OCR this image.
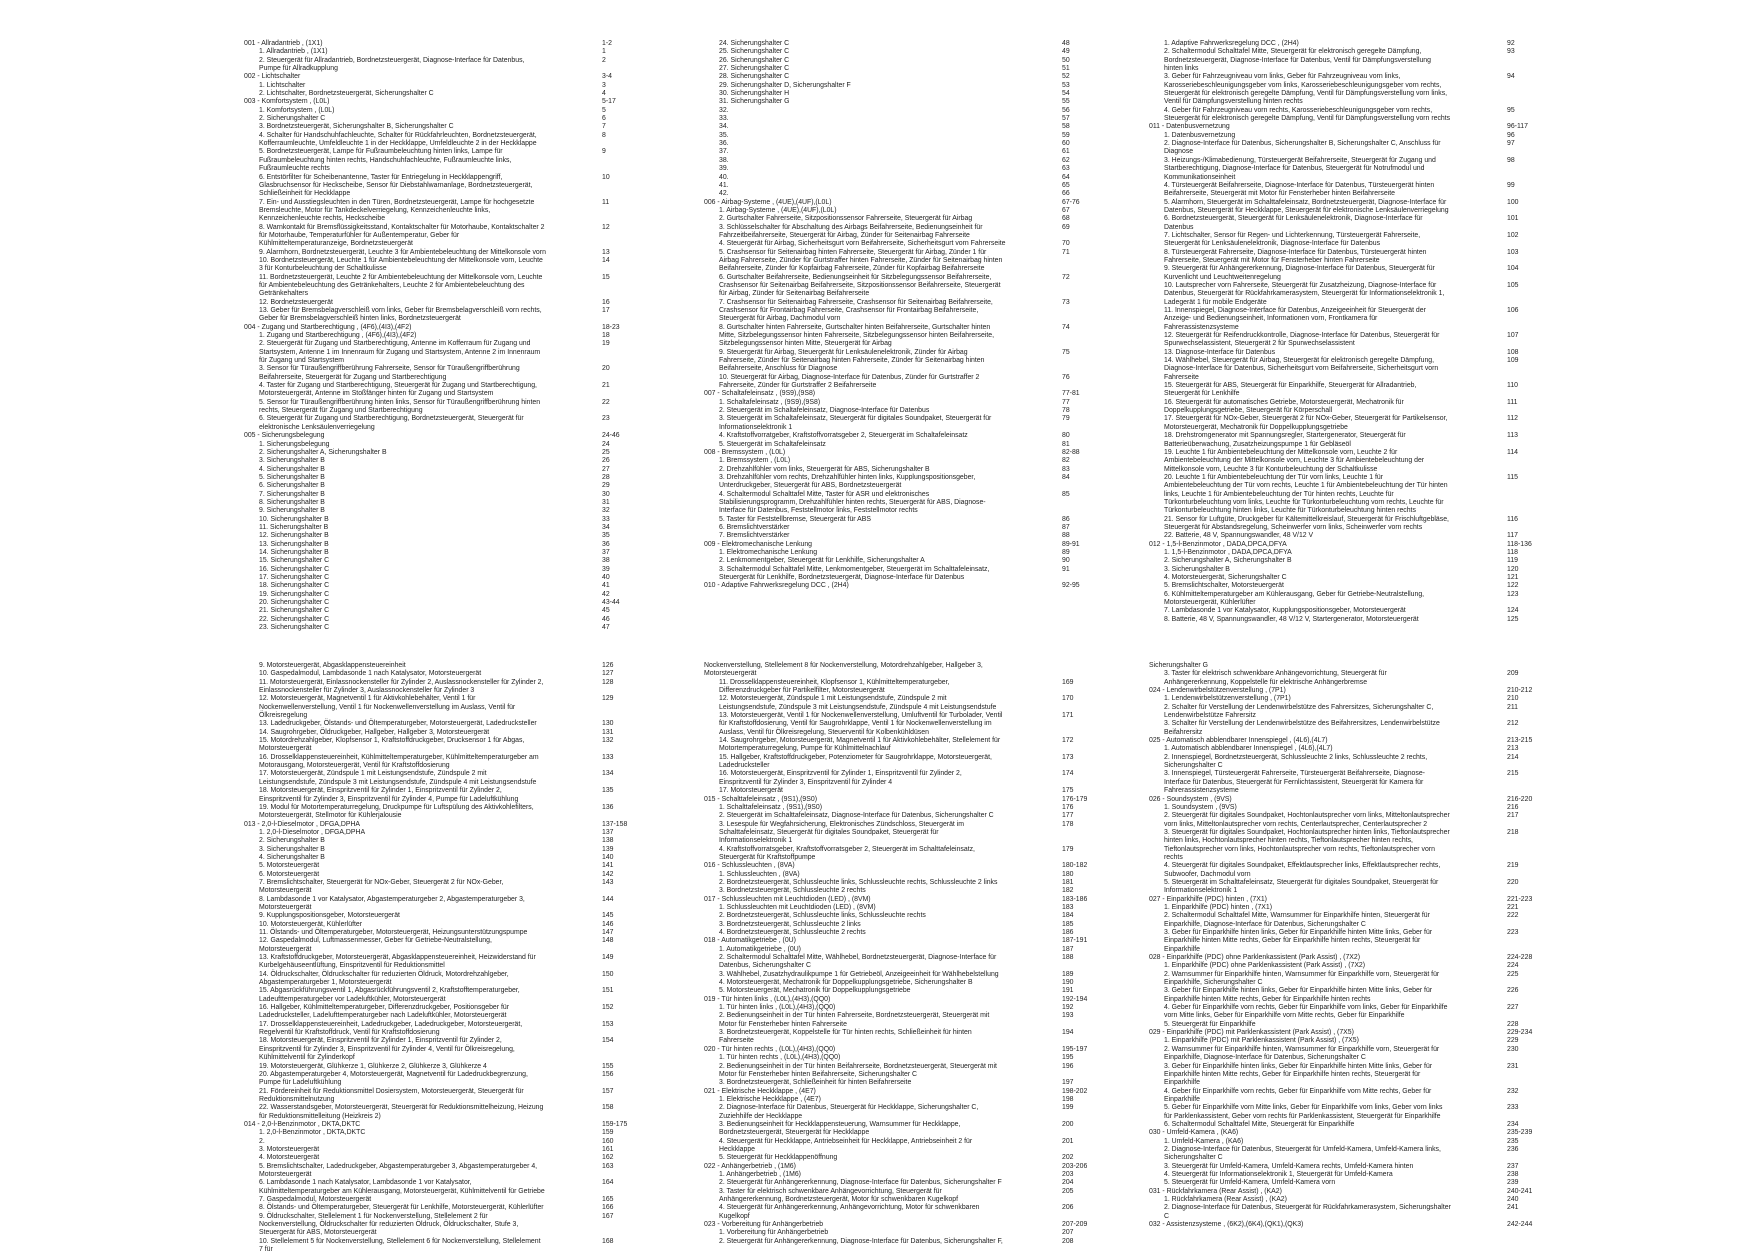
001 - Allradantrieb , (1X1)	1-2
1. Allradantrieb , (1X1)	1
2. Steuergerät für Allradantrieb, Bordnetzsteuergerät, Diagnose-Interface für Datenbus, Pumpe für Allradkupplung
2
002 - Lichtschalter	3-4
1. Lichtschalter	3
2. Lichtschalter, Bordnetzsteuergerät, Sicherungshalter C	4
003 - Komfortsystem , (L0L)	5-17
1. Komfortsystem , (L0L)	5
2. Sicherungshalter C	6
3. Bordnetzsteuergerät, Sicherungshalter B, Sicherungshalter C	7
4. Schalter für Handschuhfachleuchte, Schalter für Rückfahrleuchten, Bordnetzsteuergerät, Kofferraumleuchte, Umfeldleuchte 1 in der Heckklappe, Umfeldleuchte 2 in der Heckklappe
8
5. Bordnetzsteuergerät, Lampe für Fußraumbeleuchtung hinten links, Lampe für Fußraumbeleuchtung hinten rechts, Handschuhfachleuchte, Fußraumleuchte links, Fußraumleuchte rechts
9
6. Entstörfilter für Scheibenantenne, Taster für Entriegelung in Heckklappengriff, Glasbruchsensor für Heckscheibe, Sensor für Diebstahlwarnanlage, Bordnetzsteuergerät, Schließeinheit für Heckklappe
10
7. Ein- und Ausstiegsleuchten in den Türen, Bordnetzsteuergerät, Lampe für hochgesetzte Bremsleuchte, Motor für Tankdeckelverriegelung, Kennzeichenleuchte links, Kennzeichenleuchte rechts, Heckscheibe
11
8. Warnkontakt für Bremsflüssigkeitsstand, Kontaktschalter für Motorhaube, Kontaktschalter 2 für Motorhaube, Temperaturfühler für Außentemperatur, Geber für Kühlmitteltemperaturanzeige, Bordnetzsteuergerät
12
9. Alarmhorn, Bordnetzsteuergerät, Leuchte 3 für Ambientebeleuchtung der Mittelkonsole vorn	13
10. Bordnetzsteuergerät, Leuchte 1 für Ambientebeleuchtung der Mittelkonsole vorn, Leuchte 3 für Konturbeleuchtung der Schaltkulisse
14
11. Bordnetzsteuergerät, Leuchte 2 für Ambientebeleuchtung der Mittelkonsole vorn, Leuchte für Ambientebeleuchtung des Getränkehalters, Leuchte 2 für Ambientebeleuchtung des Getränkehalters
15
12. Bordnetzsteuergerät	16
13. Geber für Bremsbelagverschleiß vorn links, Geber für Bremsbelagverschleiß vorn rechts, Geber für Bremsbelagverschleiß hinten links, Bordnetzsteuergerät
17
004 - Zugang und Startberechtigung , (4F6),(4I3),(4F2)	18-23
1. Zugang und Startberechtigung , (4F6),(4I3),(4F2)	18
2. Steuergerät für Zugang und Startberechtigung, Antenne im Kofferraum für Zugang und Startsystem, Antenne 1 im Innenraum für Zugang und Startsystem, Antenne 2 im Innenraum für Zugang und Startsystem
19
3. Sensor für Türaußengriffberührung Fahrerseite, Sensor für Türaußengriffberührung Beifahrerseite, Steuergerät für Zugang und Startberechtigung
20
4. Taster für Zugang und Startberechtigung, Steuergerät für Zugang und Startberechtigung, Motorsteuergerät, Antenne im Stoßfänger hinten für Zugang und Startsystem
21
5. Sensor für Türaußengriffberührung hinten links, Sensor für Türaußengriffberührung hinten rechts, Steuergerät für Zugang und Startberechtigung
22
6. Steuergerät für Zugang und Startberechtigung, Bordnetzsteuergerät, Steuergerät für elektronische Lenksäulenverriegelung
23
005 - Sicherungsbelegung	24-46
1. Sicherungsbelegung	24
2. Sicherungshalter A, Sicherungshalter B	25
3. Sicherungshalter B	26
4. Sicherungshalter B	27
5. Sicherungshalter B	28
6. Sicherungshalter B	29
7. Sicherungshalter B	30
8. Sicherungshalter B	31
9. Sicherungshalter B	32
10. Sicherungshalter B	33
11. Sicherungshalter B	34
12. Sicherungshalter B	35
13. Sicherungshalter B	36
14. Sicherungshalter B	37
15. Sicherungshalter C	38
16. Sicherungshalter C	39
17. Sicherungshalter C	40
18. Sicherungshalter C	41
19. Sicherungshalter C	42
20. Sicherungshalter C	43-44
21. Sicherungshalter C	45
22. Sicherungshalter C	46
23. Sicherungshalter C	47
24. Sicherungshalter C	48
25. Sicherungshalter C	49
26. Sicherungshalter C	50
27. Sicherungshalter C	51
28. Sicherungshalter C	52
29. Sicherungshalter D, Sicherungshalter F	53
30. Sicherungshalter H	54
31. Sicherungshalter G	55
32.	56
33.	57
34.	58
35.	59
36.	60
37.	61
38.	62
39.	63
40.	64
41.	65
42.	66
006 - Airbag-Systeme , (4UE),(4UF),(L0L)	67-76
1. Airbag-Systeme , (4UE),(4UF),(L0L)	67
2. Gurtschalter Fahrerseite, Sitzpositionssensor Fahrerseite, Steuergerät für Airbag	68
3. Schlüsselschalter für Abschaltung des Airbags Beifahrerseite, Bedienungseinheit für Fahrzeitbeifahrerseite, Steuergerät für Airbag, Zünder für Seitenairbag Fahrerseite
69
4. Steuergerät für Airbag, Sicherheitsgurt vorn Beifahrerseite, Sicherheitsgurt vorn Fahrerseite	70
5. Crashsensor für Seitenairbag hinten Fahrerseite, Steuergerät für Airbag, Zünder 1 für Airbag Fahrerseite, Zünder für Gurtstraffer hinten Fahrerseite, Zünder für Seitenairbag hinten Beifahrerseite, Zünder für Kopfairbag Fahrerseite, Zünder für Kopfairbag Beifahrerseite
71
6. Gurtschalter Beifahrerseite, Bedienungseinheit für Sitzbelegungssensor Beifahrerseite, Crashsensor für Seitenairbag Beifahrerseite, Sitzpositionssensor Beifahrerseite, Steuergerät für Airbag, Zünder für Seitenairbag Beifahrerseite
72
7. Crashsensor für Seitenairbag Fahrerseite, Crashsensor für Seitenairbag Beifahrerseite, Crashsensor für Frontairbag Fahrerseite, Crashsensor für Frontairbag Beifahrerseite, Steuergerät für Airbag, Dachmodul vorn
73
8. Gurtschalter hinten Fahrerseite, Gurtschalter hinten Beifahrerseite, Gurtschalter hinten Mitte, Sitzbelegungssensor hinten Fahrerseite, Sitzbelegungssensor hinten Beifahrerseite, Sitzbelegungssensor hinten Mitte, Steuergerät für Airbag
74
9. Steuergerät für Airbag, Steuergerät für Lenksäulenelektronik, Zünder für Airbag Fahrerseite, Zünder für Seitenairbag hinten Fahrerseite, Zünder für Seitenairbag hinten Beifahrerseite, Anschluss für Diagnose
75
10. Steuergerät für Airbag, Diagnose-Interface für Datenbus, Zünder für Gurtstraffer 2 Fahrerseite, Zünder für Gurtstraffer 2 Beifahrerseite
76
007 - Schaltafeleinsatz , (9S9),(9S8)	77-81
1. Schaltafeleinsatz , (9S9),(9S8)	77
2. Steuergerät im Schaltafeleinsatz, Diagnose-Interface für Datenbus	78
3. Steuergerät im Schaltafeleinsatz, Steuergerät für digitales Soundpaket, Steuergerät für Informationselektronik 1
79
4. Kraftstoffvorratgeber, Kraftstoffvorratsgeber 2, Steuergerät im Schaltafeleinsatz	80
5. Steuergerät im Schaltafeleinsatz	81
008 - Bremssystem , (L0L)	82-88
1. Bremssystem , (L0L)	82
2. Drehzahlfühler vorn links, Steuergerät für ABS, Sicherungshalter B	83
3. Drehzahlfühler vorn rechts, Drehzahlfühler hinten links, Kupplungspositionsgeber, Unterdruckgeber, Steuergerät für ABS, Bordnetzsteuergerät
84
4. Schaltermodul Schalttafel Mitte, Taster für ASR und elektronisches Stabilisierungsprogramm, Drehzahlfühler hinten rechts, Steuergerät für ABS, Diagnose-Interface für Datenbus, Feststellmotor links, Feststellmotor rechts
85
5. Taster für Feststellbremse, Steuergerät für ABS	86
6. Bremslichtverstärker	87
7. Bremslichtverstärker	88
009 - Elektromechanische Lenkung	89-91
1. Elektromechanische Lenkung	89
2. Lenkmomentgeber, Steuergerät für Lenkhilfe, Sicherungshalter A	90
3. Schaltermodul Schalttafel Mitte, Lenkmomentgeber, Steuergerät im Schalttafeleinsatz, Steuergerät für Lenkhilfe, Bordnetzsteuergerät, Diagnose-Interface für Datenbus
91
010 - Adaptive Fahrwerksregelung DCC , (2H4)	92-95
1. Adaptive Fahrwerksregelung DCC , (2H4)	92
2. Schaltermodul Schalttafel Mitte, Steuergerät für elektronisch geregelte Dämpfung, Bordnetzsteuergerät, Diagnose-Interface für Datenbus, Ventil für Dämpfungsverstellung hinten links
93
3. Geber für Fahrzeugniveau vorn links, Geber für Fahrzeugniveau vorn links, Karosseriebeschleunigungsgeber vorn links, Karosseriebeschleunigungsgeber vorn rechts, Steuergerät für elektronisch geregelte Dämpfung, Ventil für Dämpfungsverstellung vorn links, Ventil für Dämpfungsverstellung hinten rechts
94
4. Geber für Fahrzeugniveau vorn rechts, Karosseriebeschleunigungsgeber vorn rechts, Steuergerät für elektronisch geregelte Dämpfung, Ventil für Dämpfungsverstellung vorn rechts
95
011 - Datenbusvernetzung	96-117
1. Datenbusvernetzung	96
2. Diagnose-Interface für Datenbus, Sicherungshalter B, Sicherungshalter C, Anschluss für Diagnose
97
3. Heizungs-/Klimabedienung, Türsteuergerät Beifahrerseite, Steuergerät für Zugang und Startberechtigung, Diagnose-Interface für Datenbus, Steuergerät für Notrufmodul und Kommunikationseinheit
98
4. Türsteuergerät Beifahrerseite, Diagnose-Interface für Datenbus, Türsteuergerät hinten Beifahrerseite, Steuergerät mit Motor für Fensterheber hinten Beifahrerseite
99
5. Alarmhorn, Steuergerät im Schalttafeleinsatz, Bordnetzsteuergerät, Diagnose-Interface für Datenbus, Steuergerät für Heckklappe, Steuergerät für elektronische Lenksäulenverriegelung
100
6. Bordnetzsteuergerät, Steuergerät für Lenksäulenelektronik, Diagnose-Interface für Datenbus
101
7. Lichtschalter, Sensor für Regen- und Lichterkennung, Türsteuergerät Fahrerseite, Steuergerät für Lenksäulenelektronik, Diagnose-Interface für Datenbus
102
8. Türsteuergerät Fahrerseite, Diagnose-Interface für Datenbus, Türsteuergerät hinten Fahrerseite, Steuergerät mit Motor für Fensterheber hinten Fahrerseite
103
9. Steuergerät für Anhängererkennung, Diagnose-Interface für Datenbus, Steuergerät für Kurvenlicht und Leuchtweitenregelung
104
10. Lautsprecher vorn Fahrerseite, Steuergerät für Zusatzheizung, Diagnose-Interface für Datenbus, Steuergerät für Rückfahrkamerasystem, Steuergerät für Informationselektronik 1, Ladegerät 1 für mobile Endgeräte
105
11. Innenspiegel, Diagnose-Interface für Datenbus, Anzeigeeinheit für Steuergerät der Anzeige- und Bedienungseinheit, Informationen vorn, Frontkamera für Fahrerassistenzsysteme
106
12. Steuergerät für Reifendruckkontrolle, Diagnose-Interface für Datenbus, Steuergerät für Spurwechselassistent, Steuergerät 2 für Spurwechselassistent
107
13. Diagnose-Interface für Datenbus	108
14. Wählhebel, Steuergerät für Airbag, Steuergerät für elektronisch geregelte Dämpfung, Diagnose-Interface für Datenbus, Sicherheitsgurt vorn Beifahrerseite, Sicherheitsgurt vorn Fahrerseite
109
15. Steuergerät für ABS, Steuergerät für Einparkhilfe, Steuergerät für Allradantrieb, Steuergerät für Lenkhilfe
110
16. Steuergerät für automatisches Getriebe, Motorsteuergerät, Mechatronik für Doppelkupplungsgetriebe, Steuergerät für Körperschall
111
17. Steuergerät für NOx-Geber, Steuergerät 2 für NOx-Geber, Steuergerät für Partikelsensor, Motorsteuergerät, Mechatronik für Doppelkupplungsgetriebe
112
18. Drehstromgenerator mit Spannungsregler, Startergenerator, Steuergerät für Batterieüberwachung, Zusatzheizungspumpe 1 für Gebläseöl
113
19. Leuchte 1 für Ambientebeleuchtung der Mittelkonsole vorn, Leuchte 2 für Ambientebeleuchtung der Mittelkonsole vorn, Leuchte 3 für Ambientebeleuchtung der Mittelkonsole vorn, Leuchte 3 für Konturbeleuchtung der Schaltkulisse
114
20. Leuchte 1 für Ambientebeleuchtung der Tür vorn links, Leuchte 1 für Ambientebeleuchtung der Tür vorn rechts, Leuchte 1 für Ambientebeleuchtung der Tür hinten links, Leuchte 1 für Ambientebeleuchtung der Tür hinten rechts, Leuchte für Türkonturbeleuchtung vorn links, Leuchte für Türkonturbeleuchtung vorn rechts, Leuchte für Türkonturbeleuchtung hinten links, Leuchte für Türkonturbeleuchtung hinten rechts
115
21. Sensor für Luftgüte, Druckgeber für Kältemittelkreislauf, Steuergerät für Frischluftgebläse, Steuergerät für Abstandsregelung, Scheinwerfer vorn links, Scheinwerfer vorn rechts
116
22. Batterie, 48 V, Spannungswandler, 48 V/12 V	117
012 - 1,5-l-Benzinmotor , DADA,DPCA,DFYA	118-136
1. 1,5-l-Benzinmotor , DADA,DPCA,DFYA	118
2. Sicherungshalter A, Sicherungshalter B	119
3. Sicherungshalter B	120
4. Motorsteuergerät, Sicherungshalter C	121
5. Bremslichtschalter, Motorsteuergerät	122
6. Kühlmitteltemperaturgeber am Kühlerausgang, Geber für Getriebe-Neutralstellung, Motorsteuergerät, Kühlerlüfter
123
7. Lambdasonde 1 vor Katalysator, Kupplungspositionsgeber, Motorsteuergerät	124
8. Batterie, 48 V, Spannungswandler, 48 V/12 V, Startergenerator, Motorsteuergerät	125
9. Motorsteuergerät, Abgasklappensteuereinheit	126
10. Gaspedalmodul, Lambdasonde 1 nach Katalysator, Motorsteuergerät	127
11. Motorsteuergerät, Einlassnockensteller für Zylinder 2, Auslassnockensteller für Zylinder 2, Einlassnockensteller für Zylinder 3, Auslassnockensteller für Zylinder 3
128
12. Motorsteuergerät, Magnetventil 1 für Aktivkohlebehälter, Ventil 1 für Nockenwellenverstellung, Ventil 1 für Nockenwellenverstellung im Auslass, Ventil für Ölkreisregelung
129
13. Ladedruckgeber, Ölstands- und Öltemperaturgeber, Motorsteuergerät, Ladedrucksteller	130
14. Saugrohrgeber, Öldruckgeber, Hallgeber, Hallgeber 3, Motorsteuergerät	131
15. Motordrehzahlgeber, Klopfsensor 1, Kraftstoffdruckgeber, Drucksensor 1 für Abgas, Motorsteuergerät
132
16. Drosselklappensteuereinheit, Kühlmitteltemperaturgeber, Kühlmitteltemperaturgeber am Motorausgang, Motorsteuergerät, Ventil für Kraftstoffdosierung
133
17. Motorsteuergerät, Zündspule 1 mit Leistungsendstufe, Zündspule 2 mit Leistungsendstufe, Zündspule 3 mit Leistungsendstufe, Zündspule 4 mit Leistungsendstufe
134
18. Motorsteuergerät, Einspritzventil für Zylinder 1, Einspritzventil für Zylinder 2, Einspritzventil für Zylinder 3, Einspritzventil für Zylinder 4, Pumpe für Ladeluftkühlung
135
19. Modul für Motortemperaturregelung, Druckpumpe für Luftspülung des Aktivkohlefilters, Motorsteuergerät, Stellmotor für Kühlerjalousie
136
013 - 2,0-l-Dieselmotor , DFGA,DPHA	137-158
1. 2,0-l-Dieselmotor , DFGA,DPHA	137
2. Sicherungshalter B	138
3. Sicherungshalter B	139
4. Sicherungshalter B	140
5. Motorsteuergerät	141
6. Motorsteuergerät	142
7. Bremslichtschalter, Steuergerät für NOx-Geber, Steuergerät 2 für NOx-Geber, Motorsteuergerät
143
8. Lambdasonde 1 vor Katalysator, Abgastemperaturgeber 2, Abgastemperaturgeber 3, Motorsteuergerät
144
9. Kupplungspositionsgeber, Motorsteuergerät	145
10. Motorsteuergerät, Kühlerlüfter	146
11. Ölstands- und Öltemperaturgeber, Motorsteuergerät, Heizungsunterstützungspumpe	147
12. Gaspedalmodul, Luftmassenmesser, Geber für Getriebe-Neutralstellung, Motorsteuergerät
148
13. Kraftstoffdruckgeber, Motorsteuergerät, Abgasklappensteuereinheit, Heizwiderstand für Kurbelgehäuseentlüftung, Einspritzventil für Reduktionsmittel
149
14. Öldruckschalter, Öldruckschalter für reduzierten Öldruck, Motordrehzahlgeber, Abgastemperaturgeber 1, Motorsteuergerät
150
15. Abgasrückführungsventil 1, Abgasrückführungsventil 2, Kraftstofftemperaturgeber, Ladeufttemperaturgeber vor Ladeluftkühler, Motorsteuergerät
151
16. Hallgeber, Kühlmitteltemperaturgeber, Differenzdruckgeber, Positionsgeber für Ladedrucksteller, Ladelufttemperaturgeber nach Ladeluftkühler, Motorsteuergerät
152
17. Drosselklappensteuereinheit, Ladedruckgeber, Ladedruckgeber, Motorsteuergerät, Regelventil für Kraftstoffdruck, Ventil für Kraftstoffdosierung
153
18. Motorsteuergerät, Einspritzventil für Zylinder 1, Einspritzventil für Zylinder 2, Einspritzventil für Zylinder 3, Einspritzventil für Zylinder 4, Ventil für Ölkreisregelung, Kühlmittelventil für Zylinderkopf
154
19. Motorsteuergerät, Glühkerze 1, Glühkerze 2, Glühkerze 3, Glühkerze 4	155
20. Abgastemperaturgeber 4, Motorsteuergerät, Magnetventil für Ladedruckbegrenzung, Pumpe für Ladeluftkühlung
156
21. Fördereinheit für Reduktionsmittel Dosiersystem, Motorsteuergerät, Steuergerät für Reduktionsmittelnutzung
157
22. Wasserstandsgeber, Motorsteuergerät, Steuergerät für Reduktionsmittelheizung, Heizung für Reduktionsmittelleitung (Heizkreis 2)
158
014 - 2,0-l-Benzinmotor , DKTA,DKTC	159-175
1. 2,0-l-Benzinmotor , DKTA,DKTC	159
2.	160
3. Motorsteuergerät	161
4. Motorsteuergerät	162
5. Bremslichtschalter, Ladedruckgeber, Abgastemperaturgeber 3, Abgastemperaturgeber 4, Motorsteuergerät
163
6. Lambdasonde 1 nach Katalysator, Lambdasonde 1 vor Katalysator, Kühlmitteltemperaturgeber am Kühlerausgang, Motorsteuergerät, Kühlmittelventil für Getriebe
164
7. Gaspedalmodul, Motorsteuergerät	165
8. Ölstands- und Öltemperaturgeber, Steuergerät für Lenkhilfe, Motorsteuergerät, Kühlerlüfter	166
9. Öldruckschalter, Stellelement 1 für Nockenverstellung, Stellelement 2 für Nockenverstellung, Öldruckschalter für reduzierten Öldruck, Öldruckschalter, Stufe 3, Steuergerät für ABS, Motorsteuergerät
167
10. Stellelement 5 für Nockenverstellung, Stellelement 6 für Nockenverstellung, Stellelement 7 für
168
Nockenverstellung, Stellelement 8 für Nockenverstellung, Motordrehzahlgeber, Hallgeber 3, Motorsteuergerät
11. Drosselklappensteuereinheit, Klopfsensor 1, Kühlmitteltemperaturgeber, Differenzdruckgeber für Partikelfilter, Motorsteuergerät
169
12. Motorsteuergerät, Zündspule 1 mit Leistungsendstufe, Zündspule 2 mit Leistungsendstufe, Zündspule 3 mit Leistungsendstufe, Zündspule 4 mit Leistungsendstufe
170
13. Motorsteuergerät, Ventil 1 für Nockenwellenverstellung, Umluftventil für Turbolader, Ventil für Kraftstoffdosierung, Ventil für Saugrohrklappe, Ventil 1 für Nockenwellenverstellung im Auslass, Ventil für Ölkreisregelung, Steuerventil für Kolbenkühldüsen
171
14. Saugrohrgeber, Motorsteuergerät, Magnetventil 1 für Aktivkohlebehälter, Stellelement für Motortemperaturregelung, Pumpe für Kühlmittelnachlauf
172
15. Hallgeber, Kraftstoffdruckgeber, Potenziometer für Saugrohrklappe, Motorsteuergerät, Ladedrucksteller
173
16. Motorsteuergerät, Einspritzventil für Zylinder 1, Einspritzventil für Zylinder 2, Einspritzventil für Zylinder 3, Einspritzventil für Zylinder 4
174
17. Motorsteuergerät	175
015 - Schalttafeleinsatz , (9S1),(9S0)	176-179
1. Schalttafeleinsatz , (9S1),(9S0)	176
2. Steuergerät im Schalttafeleinsatz, Diagnose-Interface für Datenbus, Sicherungshalter C	177
3. Lesespule für Wegfahrsicherung, Elektronisches Zündschloss, Steuergerät im Schalttafeleinsatz, Steuergerät für digitales Soundpaket, Steuergerät für Informationselektronik 1
178
4. Kraftstoffvorratsgeber, Kraftstoffvorratsgeber 2, Steuergerät im Schalttafeleinsatz, Steuergerät für Kraftstoffpumpe
179
016 - Schlussleuchten , (8VA)	180-182
1. Schlussleuchten , (8VA)	180
2. Bordnetzsteuergerät, Schlussleuchte links, Schlussleuchte rechts, Schlussleuchte 2 links	181
3. Bordnetzsteuergerät, Schlussleuchte 2 rechts	182
017 - Schlussleuchten mit Leuchtdioden (LED) , (8VM)	183-186
1. Schlussleuchten mit Leuchtdioden (LED) , (8VM)	183
2. Bordnetzsteuergerät, Schlussleuchte links, Schlussleuchte rechts	184
3. Bordnetzsteuergerät, Schlussleuchte 2 links	185
4. Bordnetzsteuergerät, Schlussleuchte 2 rechts	186
018 - Automatikgetriebe , (0U)	187-191
1. Automatikgetriebe , (0U)	187
2. Schaltermodul Schalttafel Mitte, Wählhebel, Bordnetzsteuergerät, Diagnose-Interface für Datenbus, Sicherungshalter C
188
3. Wählhebel, Zusatzhydraulikpumpe 1 für Getriebeöl, Anzeigeeinheit für Wählhebelstellung	189
4. Motorsteuergerät, Mechatronik für Doppelkupplungsgetriebe, Sicherungshalter B	190
5. Motorsteuergerät, Mechatronik für Doppelkupplungsgetriebe	191
019 - Tür hinten links , (L0L),(4H3),(QQ0)	192-194
1. Tür hinten links , (L0L),(4H3),(QQ0)	192
2. Bedienungseinheit in der Tür hinten Fahrerseite, Bordnetzsteuergerät, Steuergerät mit Motor für Fensterheber hinten Fahrerseite
193
3. Bordnetzsteuergerät, Koppelstelle für Tür hinten rechts, Schließeinheit für hinten Fahrerseite
194
020 - Tür hinten rechts , (L0L),(4H3),(QQ0)	195-197
1. Tür hinten rechts , (L0L),(4H3),(QQ0)	195
2. Bedienungseinheit in der Tür hinten Beifahrerseite, Bordnetzsteuergerät, Steuergerät mit Motor für Fensterheber hinten Beifahrerseite, Sicherungshalter C
196
3. Bordnetzsteuergerät, Schließeinheit für hinten Beifahrerseite	197
021 - Elektrische Heckklappe , (4E7)	198-202
1. Elektrische Heckklappe , (4E7)	198
2. Diagnose-Interface für Datenbus, Steuergerät für Heckklappe, Sicherungshalter C, Zuziehhilfe der Heckklappe
199
3. Bedienungseinheit für Heckklappensteuerung, Warnsummer für Heckklappe, Bordnetzsteuergerät, Steuergerät für Heckklappe
200
4. Steuergerät für Heckklappe, Antriebseinheit für Heckklappe, Antriebseinheit 2 für Heckklappe
201
5. Steuergerät für Heckklappenöffnung	202
022 - Anhängerbetrieb , (1M6)	203-206
1. Anhängerbetrieb , (1M6)	203
2. Steuergerät für Anhängererkennung, Diagnose-Interface für Datenbus, Sicherungshalter F	204
3. Taster für elektrisch schwenkbare Anhängevorrichtung, Steuergerät für Anhängererkennung, Bordnetzsteuergerät, Motor für schwenkbaren Kugelkopf
205
4. Steuergerät für Anhängererkennung, Anhängevorrichtung, Motor für schwenkbaren Kugelkopf
206
023 - Vorbereitung für Anhängerbetrieb	207-209
1. Vorbereitung für Anhängerbetrieb	207
2. Steuergerät für Anhängererkennung, Diagnose-Interface für Datenbus, Sicherungshalter F,	208
Sicherungshalter G
3. Taster für elektrisch schwenkbare Anhängevorrichtung, Steuergerät für Anhängererkennung, Koppelstelle für elektrische Anhängerbremse
209
024 - Lendenwirbelstützenverstellung , (7P1)	210-212
1. Lendenwirbelstützenverstellung , (7P1)	210
2. Schalter für Verstellung der Lendenwirbelstütze des Fahrersitzes, Sicherungshalter C, Lendenwirbelstütze Fahrersitz
211
3. Schalter für Verstellung der Lendenwirbelstütze des Beifahrersitzes, Lendenwirbelstütze Beifahrersitz
212
025 - Automatisch abblendbarer Innenspiegel , (4L6),(4L7)	213-215
1. Automatisch abblendbarer Innenspiegel , (4L6),(4L7)	213
2. Innenspiegel, Bordnetzsteuergerät, Schlussleuchte 2 links, Schlussleuchte 2 rechts, Sicherungshalter C
214
3. Innenspiegel, Türsteuergerät Fahrerseite, Türsteuergerät Beifahrerseite, Diagnose-Interface für Datenbus, Steuergerät für Fernlichtassistent, Steuergerät für Kamera für Fahrerassistenzsysteme
215
026 - Soundsystem , (9VS)	216-220
1. Soundsystem , (9VS)	216
2. Steuergerät für digitales Soundpaket, Hochtonlautsprecher vorn links, Mitteltonlautsprecher vorn links, Mitteltonlautsprecher vorn rechts, Centerlautsprecher, Centerlautsprecher 2
217
3. Steuergerät für digitales Soundpaket, Hochtonlautsprecher hinten links, Tieftonlautsprecher hinten links, Hochtonlautsprecher hinten rechts, Tieftonlautsprecher hinten rechts, Tieftonlautsprecher vorn links, Hochtonlautsprecher vorn rechts, Tieftonlautsprecher vorn rechts
218
4. Steuergerät für digitales Soundpaket, Effektlautsprecher links, Effektlautsprecher rechts, Subwoofer, Dachmodul vorn
219
5. Steuergerät im Schalttafeleinsatz, Steuergerät für digitales Soundpaket, Steuergerät für Informationselektronik 1
220
027 - Einparkhilfe (PDC) hinten , (7X1)	221-223
1. Einparkhilfe (PDC) hinten , (7X1)	221
2. Schaltermodul Schalttafel Mitte, Warnsummer für Einparkhilfe hinten, Steuergerät für Einparkhilfe, Diagnose-Interface für Datenbus, Sicherungshalter C
222
3. Geber für Einparkhilfe hinten links, Geber für Einparkhilfe hinten Mitte links, Geber für Einparkhilfe hinten Mitte rechts, Geber für Einparkhilfe hinten rechts, Steuergerät für Einparkhilfe
223
028 - Einparkhilfe (PDC) ohne Parklenkassistent (Park Assist) , (7X2)	224-228
1. Einparkhilfe (PDC) ohne Parklenkassistent (Park Assist) , (7X2)	224
2. Warnsummer für Einparkhilfe hinten, Warnsummer für Einparkhilfe vorn, Steuergerät für Einparkhilfe, Sicherungshalter C
225
3. Geber für Einparkhilfe hinten links, Geber für Einparkhilfe hinten Mitte links, Geber für Einparkhilfe hinten Mitte rechts, Geber für Einparkhilfe hinten rechts
226
4. Geber für Einparkhilfe vorn rechts, Geber für Einparkhilfe vorn links, Geber für Einparkhilfe vorn Mitte links, Geber für Einparkhilfe vorn Mitte rechts, Geber für Einparkhilfe
227
5. Steuergerät für Einparkhilfe	228
029 - Einparkhilfe (PDC) mit Parklenkassistent (Park Assist) , (7X5)	229-234
1. Einparkhilfe (PDC) mit Parklenkassistent (Park Assist) , (7X5)	229
2. Warnsummer für Einparkhilfe hinten, Warnsummer für Einparkhilfe vorn, Steuergerät für Einparkhilfe, Diagnose-Interface für Datenbus, Sicherungshalter C
230
3. Geber für Einparkhilfe hinten links, Geber für Einparkhilfe hinten Mitte links, Geber für Einparkhilfe hinten Mitte rechts, Geber für Einparkhilfe hinten rechts, Steuergerät für Einparkhilfe
231
4. Geber für Einparkhilfe vorn rechts, Geber für Einparkhilfe vorn Mitte rechts, Geber für Einparkhilfe
232
5. Geber für Einparkhilfe vorn Mitte links, Geber für Einparkhilfe vorn links, Geber vorn links für Parklenkassistent, Geber vorn rechts für Parklenkassistent, Steuergerät für Einparkhilfe
233
6. Schaltermodul Schalttafel Mitte, Steuergerät für Einparkhilfe	234
030 - Umfeld-Kamera , (KA6)	235-239
1. Umfeld-Kamera , (KA6)	235
2. Diagnose-Interface für Datenbus, Steuergerät für Umfeld-Kamera, Umfeld-Kamera links, Sicherungshalter C
236
3. Steuergerät für Umfeld-Kamera, Umfeld-Kamera rechts, Umfeld-Kamera hinten	237
4. Steuergerät für Informationselektronik 1, Steuergerät für Umfeld-Kamera	238
5. Steuergerät für Umfeld-Kamera, Umfeld-Kamera vorn	239
031 - Rückfahrkamera (Rear Assist) , (KA2)	240-241
1. Rückfahrkamera (Rear Assist) , (KA2)	240
2. Diagnose-Interface für Datenbus, Steuergerät für Rückfahrkamerasystem, Sicherungshalter C
241
032 - Assistenzsysteme , (6K2),(6K4),(QK1),(QK3)	242-244
